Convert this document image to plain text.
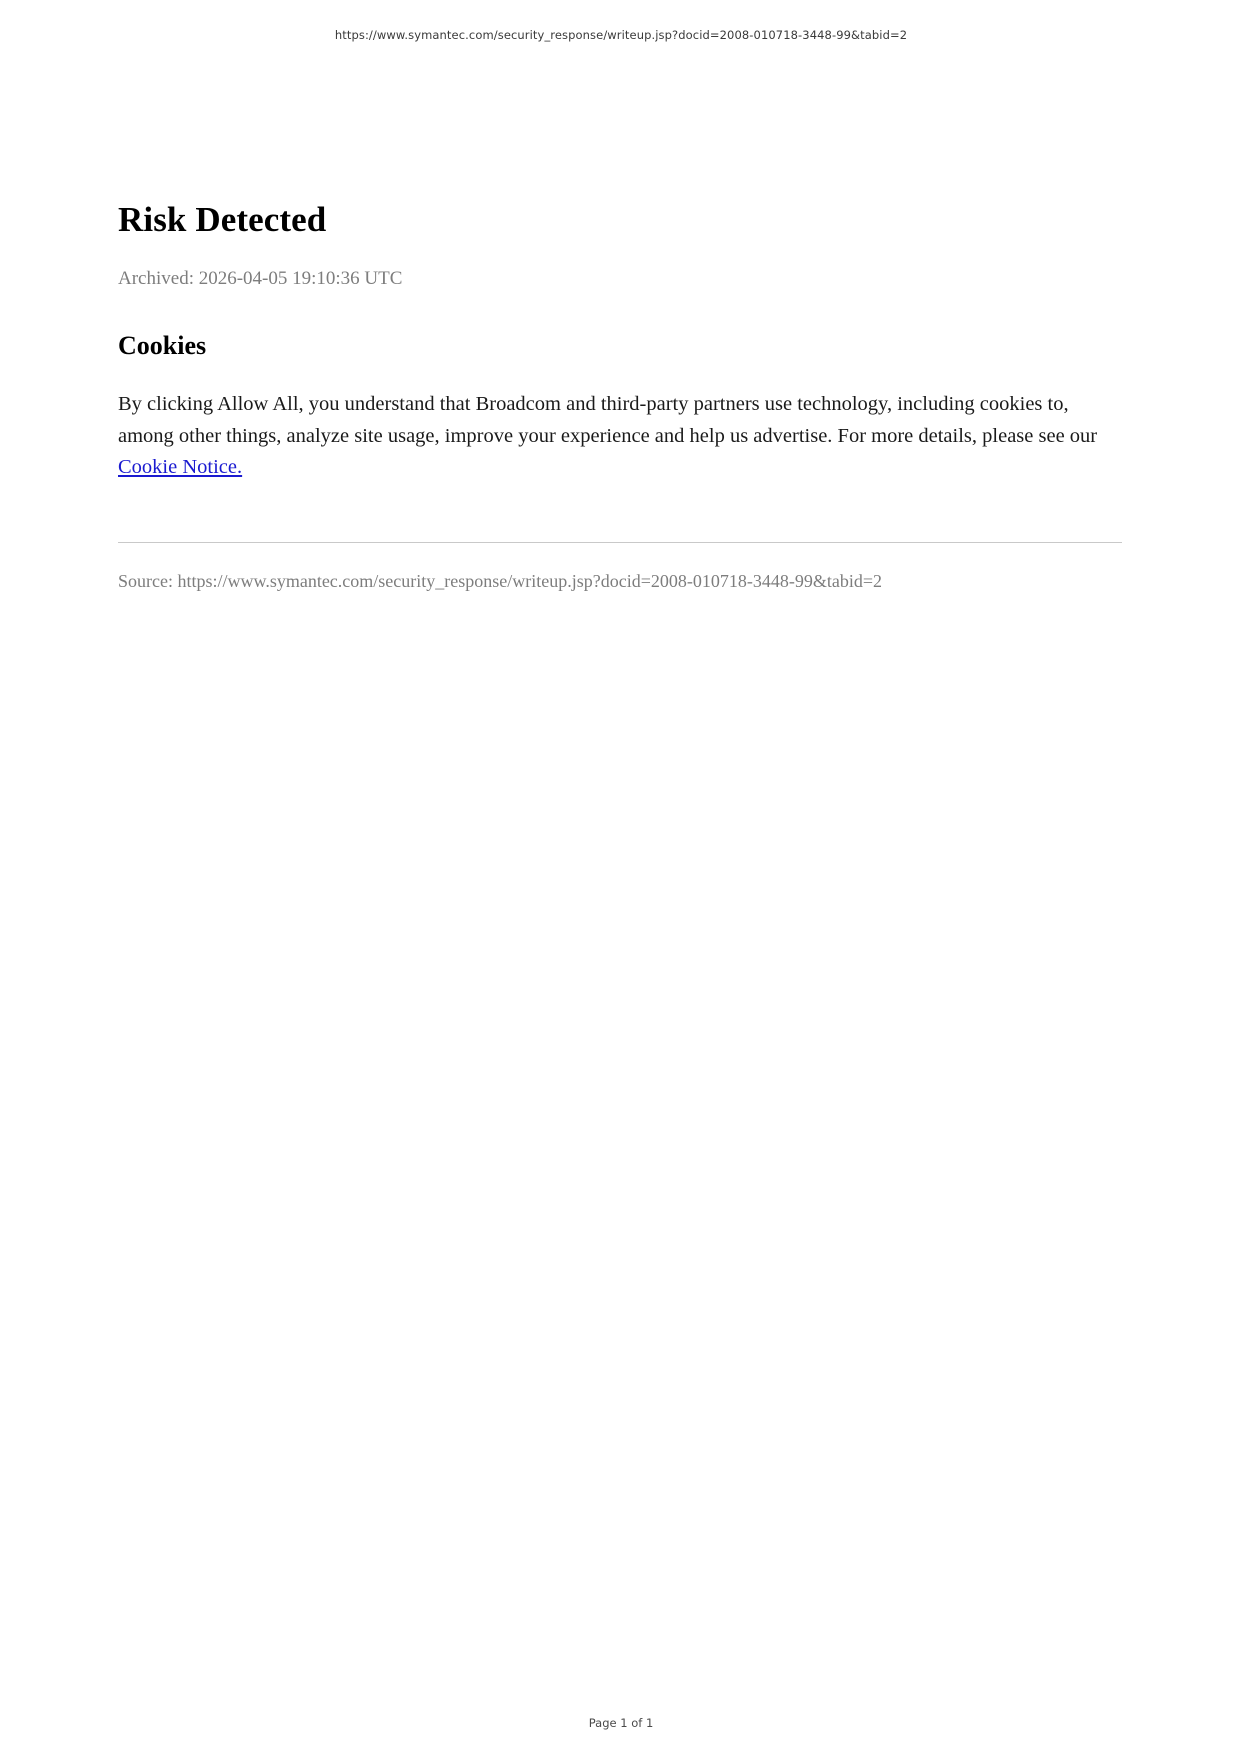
https://www.symantec.com/security_response/writeup.jsp?docid=2008-010718-3448-99&tabid=2
Risk Detected
Archived: 2026-04-05 19:10:36 UTC
Cookies

By clicking Allow All, you understand that Broadcom and third-party partners use technology, including cookies to, among other things, analyze site usage, improve your experience and help us advertise. For more details, please see our Cookie Notice.

Source: https://www.symantec.com/security_response/writeup.jsp?docid=2008-010718-3448-99&tabid=2
Page 1 of 1
